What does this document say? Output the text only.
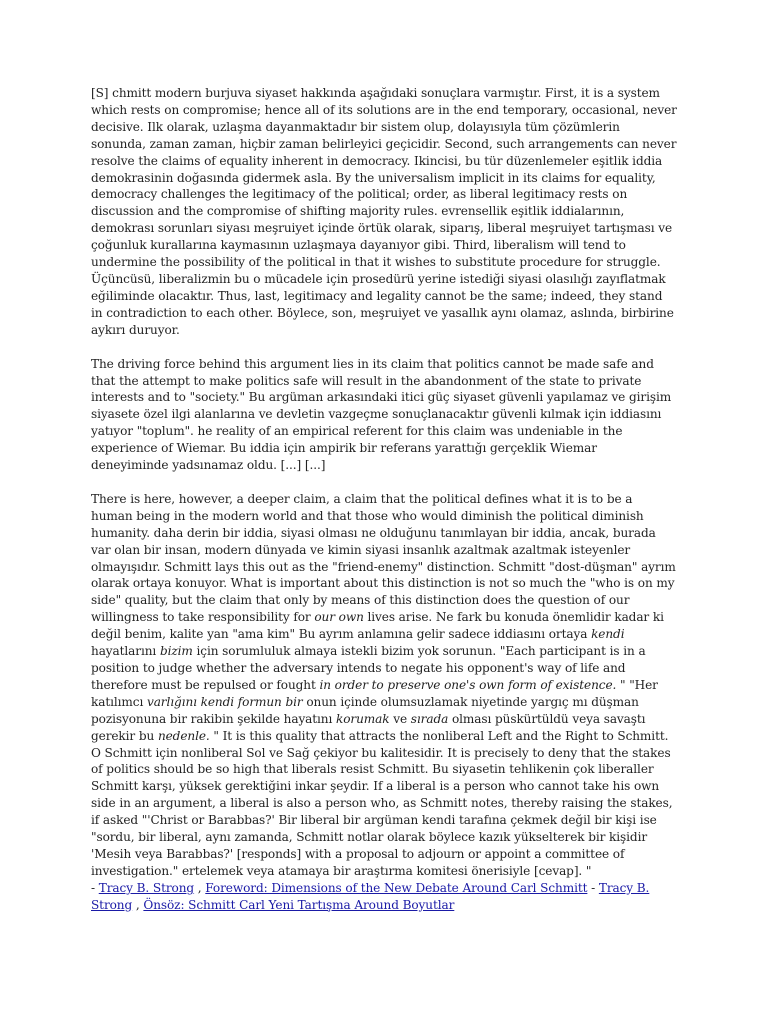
[S] chmitt modern burjuva siyaset hakkında aşağıdaki sonuçlara varmıştır. First, it is a system which rests on compromise; hence all of its solutions are in the end temporary, occasional, never decisive. Ilk olarak, uzlaşma dayanmaktadır bir sistem olup, dolayısıyla tüm çözümlerin sonunda, zaman zaman, hiçbir zaman belirleyici geçicidir. Second, such arrangements can never resolve the claims of equality inherent in democracy. Ikincisi, bu tür düzenlemeler eşitlik iddia demokrasinin doğasında gidermek asla. By the universalism implicit in its claims for equality, democracy challenges the legitimacy of the political; order, as liberal legitimacy rests on discussion and the compromise of shifting majority rules. evrensellik eşitlik iddialarının, demokrası sorunları siyası meşruiyet içinde örtük olarak, siparış, liberal meşruiyet tartışması ve çoğunluk kurallarına kaymasının uzlaşmaya dayanıyor gibi. Third, liberalism will tend to undermine the possibility of the political in that it wishes to substitute procedure for struggle. Üçüncüsü, liberalizmin bu o mücadele için prosedürü yerine istediği siyasi olasılığı zayıflatmak eğiliminde olacaktır. Thus, last, legitimacy and legality cannot be the same; indeed, they stand in contradiction to each other. Böylece, son, meşruiyet ve yasallık aynı olamaz, aslında, birbirine aykırı duruyor.

The driving force behind this argument lies in its claim that politics cannot be made safe and that the attempt to make politics safe will result in the abandonment of the state to private interests and to "society." Bu argüman arkasındaki itici güç siyaset güvenli yapılamaz ve girişim siyasete özel ilgi alanlarına ve devletin vazgeçme sonuçlanacaktır güvenli kılmak için iddiasını yatıyor "toplum". he reality of an empirical referent for this claim was undeniable in the experience of Wiemar. Bu iddia için ampirik bir referans yarattığı gerçeklik Wiemar deneyiminde yadsınamaz oldu. [...] [...]

There is here, however, a deeper claim, a claim that the political defines what it is to be a human being in the modern world and that those who would diminish the political diminish humanity. daha derin bir iddia, siyasi olması ne olduğunu tanımlayan bir iddia, ancak, burada var olan bir insan, modern dünyada ve kimin siyasi insanlık azaltmak azaltmak isteyenler olmayışıdır. Schmitt lays this out as the "friend-enemy" distinction. Schmitt "dost-düşman" ayrım olarak ortaya konuyor. What is important about this distinction is not so much the "who is on my side" quality, but the claim that only by means of this distinction does the question of our willingness to take responsibility for our own lives arise. Ne fark bu konuda önemlidir kadar ki değil benim, kalite yan "ama kim" Bu ayrım anlamına gelir sadece iddiasını ortaya kendi hayatlarını bizim için sorumluluk almaya istekli bizim yok sorunun. "Each participant is in a position to judge whether the adversary intends to negate his opponent's way of life and therefore must be repulsed or fought in order to preserve one's own form of existence. " "Her katılımcı varlığını kendi formun bir onun içinde olumsuzlamak niyetinde yargıç mı düşman pozisyonuna bir rakibin şekilde hayatını korumak ve sırada olması püskürtüldü veya savaştı gerekir bu nedenle. " It is this quality that attracts the nonliberal Left and the Right to Schmitt. O Schmitt için nonliberal Sol ve Sağ çekiyor bu kalitesidir. It is precisely to deny that the stakes of politics should be so high that liberals resist Schmitt. Bu siyasetin tehlikenin çok liberaller Schmitt karşı, yüksek gerektiğini inkar şeydir. If a liberal is a person who cannot take his own side in an argument, a liberal is also a person who, as Schmitt notes, thereby raising the stakes, if asked "'Christ or Barabbas?' Bir liberal bir argüman kendi tarafına çekmek değil bir kişi ise "sordu, bir liberal, aynı zamanda, Schmitt notlar olarak böylece kazık yükselterek bir kişidir 'Mesih veya Barabbas?' [responds] with a proposal to adjourn or appoint a committee of investigation." ertelemek veya atamaya bir araştırma komitesi önerisiyle [cevap]. "
- Tracy B. Strong , Foreword: Dimensions of the New Debate Around Carl Schmitt - Tracy B. Strong , Önsöz: Schmitt Carl Yeni Tartışma Around Boyutlar
